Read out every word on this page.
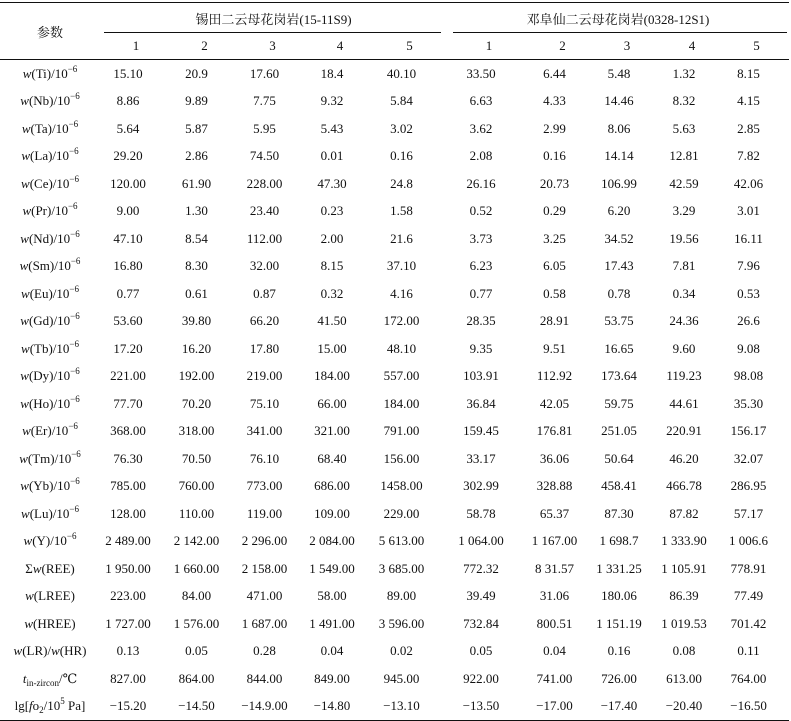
参数	锡田二云母花岗岩(15-11S9)					邓阜仙二云母花岗岩(0328-12S1)				

	1	2	3	4	5	1	2	3	4	5
$w(Ti)/10^{-6}$	15.10	20.9	17.60	18.4	40.10	33.50	6.44	5.48	1.32	8.15
$w(Nb)/10^{-6}$	8.86	9.89	7.75	9.32	5.84	6.63	4.33	14.46	8.32	4.15
$w(Ta)/10^{-6}$	5.64	5.87	5.95	5.43	3.02	3.62	2.99	8.06	5.63	2.85
$w(La)/10^{-6}$	29.20	2.86	74.50	0.01	0.16	2.08	0.16	14.14	12.81	7.82
$w(Ce)/10^{-6}$	120.00	61.90	228.00	47.30	24.8	26.16	20.73	106.99	42.59	42.06
$w(Pr)/10^{-6}$	9.00	1.30	23.40	0.23	1.58	0.52	0.29	6.20	3.29	3.01
$w(Nd)/10^{-6}$	47.10	8.54	112.00	2.00	21.6	3.73	3.25	34.52	19.56	16.11
$w(Sm)/10^{-6}$	16.80	8.30	32.00	8.15	37.10	6.23	6.05	17.43	7.81	7.96
$w(Eu)/10^{-6}$	0.77	0.61	0.87	0.32	4.16	0.77	0.58	0.78	0.34	0.53
$w(Gd)/10^{-6}$	53.60	39.80	66.20	41.50	172.00	28.35	28.91	53.75	24.36	26.6
$w(Tb)/10^{-6}$	17.20	16.20	17.80	15.00	48.10	9.35	9.51	16.65	9.60	9.08
$w(Dy)/10^{-6}$	221.00	192.00	219.00	184.00	557.00	103.91	112.92	173.64	119.23	98.08
$w(Ho)/10^{-6}$	77.70	70.20	75.10	66.00	184.00	36.84	42.05	59.75	44.61	35.30
$w(Er)/10^{-6}$	368.00	318.00	341.00	321.00	791.00	159.45	176.81	251.05	220.91	156.17
$w(Tm)/10^{-6}$	76.30	70.50	76.10	68.40	156.00	33.17	36.06	50.64	46.20	32.07
$w(Yb)/10^{-6}$	785.00	760.00	773.00	686.00	1458.00	302.99	328.88	458.41	466.78	286.95
$w(Lu)/10^{-6}$	128.00	110.00	119.00	109.00	229.00	58.78	65.37	87.30	87.82	57.17
$w(Y)/10^{-6}$	2 489.00	2 142.00	2 296.00	2 084.00	5 613.00	1 064.00	1 167.00	1 698.7	1 333.90	1 006.6
Σw(REE)	1 950.00	1 660.00	2 158.00	1 549.00	3 685.00	772.32	8 31.57	1 331.25	1 105.91	778.91
w(LREE)	223.00	84.00	471.00	58.00	89.00	39.49	31.06	180.06	86.39	77.49
w(HREE)	1 727.00	1 576.00	1 687.00	1 491.00	3 596.00	732.84	800.51	1 151.19	1 019.53	701.42
w(LR)/w(HR)	0.13	0.05	0.28	0.04	0.02	0.05	0.04	0.16	0.08	0.11
$t_{in-zircon}/℃$	827.00	864.00	844.00	849.00	945.00	922.00	741.00	726.00	613.00	764.00
$\lg[fo_2/10^5$ Pa]	−15.20	−14.50	−14.9.00	−14.80	−13.10	−13.50	−17.00	−17.40	−20.40	−16.50
